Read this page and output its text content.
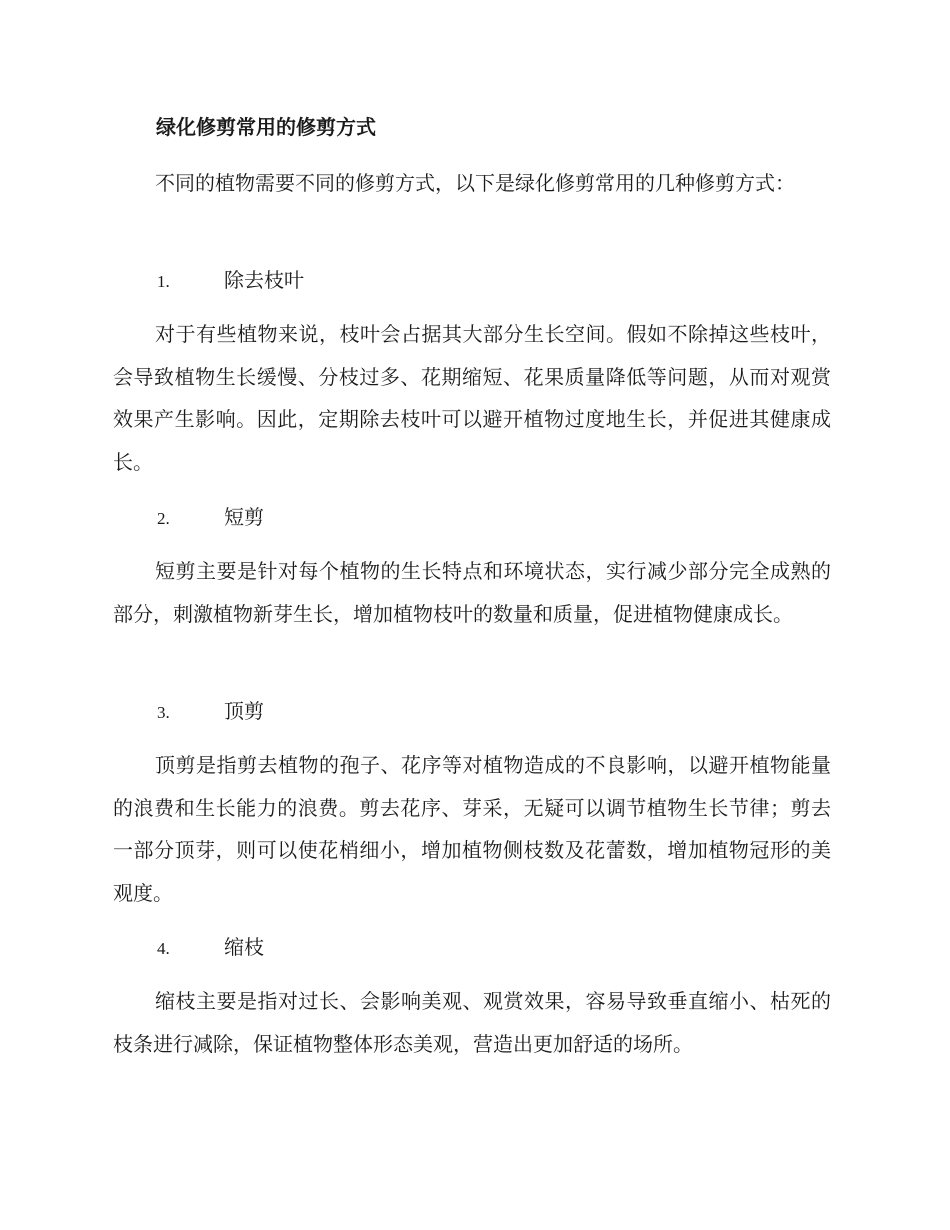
绿化修剪常用的修剪方式

不同的植物需要不同的修剪方式，以下是绿化修剪常用的几种修剪方式：

1.	除去枝叶

对于有些植物来说，枝叶会占据其大部分生长空间。假如不除掉这些枝叶，会导致植物生长缓慢、分枝过多、花期缩短、花果质量降低等问题，从而对观赏效果产生影响。因此，定期除去枝叶可以避开植物过度地生长，并促进其健康成长。

2.	短剪

短剪主要是针对每个植物的生长特点和环境状态，实行减少部分完全成熟的部分，刺激植物新芽生长，增加植物枝叶的数量和质量，促进植物健康成长。

3.	顶剪

顶剪是指剪去植物的孢子、花序等对植物造成的不良影响，以避开植物能量的浪费和生长能力的浪费。剪去花序、芽采，无疑可以调节植物生长节律；剪去一部分顶芽，则可以使花梢细小，增加植物侧枝数及花蕾数，增加植物冠形的美观度。

4.	缩枝

缩枝主要是指对过长、会影响美观、观赏效果，容易导致垂直缩小、枯死的枝条进行减除，保证植物整体形态美观，营造出更加舒适的场所。
